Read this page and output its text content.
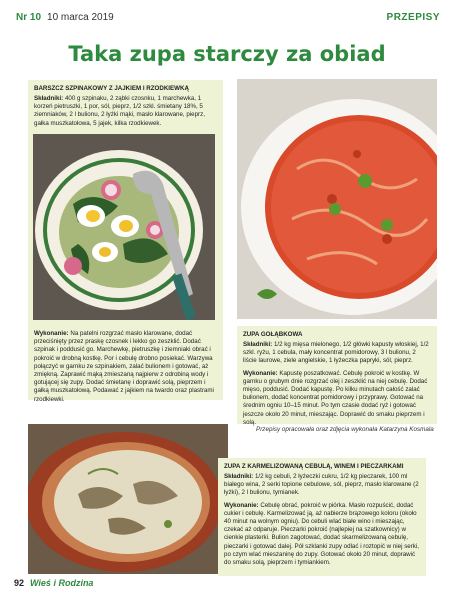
Nr 10 10 marca 2019	PRZEPISY
Taka zupa starczy za obiad
BARSZCZ SZPINAKOWY Z JAJKIEM I RZODKIEWKĄ

Składniki: 400 g szpinaku, 2 ząbki czosnku, 1 marchewka, 1 korzeń pietruszki, 1 por, sól, pieprz, 1/2 szkl. śmietany 18%, 5 ziemniaków, 2 l bulionu, 2 łyżki mąki, masło klarowane, pieprz, gałka muszkatołowa, 5 jajek, kilka rzodkiewek.

Wykonanie: Na patelni rozgrzać masło klarowane, dodać przeciśnięty przez praskę czosnek i lekko go zeszklić. Dodać szpinak i poddusić go. Marchewkę, pietruszkę i ziemniaki obrać i pokroić w drobną kostkę. Por i cebulę drobno posiekać. Warzywa połączyć w garnku ze szpinakiem, zalać bulionem i gotować, aż zmiękną. Zaprawić mąką zmieszaną najpierw z odrobiną wody i gotującej się zupy. Dodać śmietanę i doprawić solą, pieprzem i gałką muszkatołową. Podawać z jajkiem na twardo oraz plastrami rzodkiewki.

ZUPA GOŁĄBKOWA

Składniki: 1/2 kg mięsa mielonego, 1/2 główki kapusty włoskiej, 1/2 szkl. ryżu, 1 cebula, mały koncentrat pomidorowy, 3 l bulionu, 2 liście laurowe, ziele angielskie, 1 łyżeczka papryki, sól, pieprz.

Wykonanie: Kapustę poszatkować. Cebulę pokroić w kostkę. W garnku o grubym dnie rozgrzać olej i zeszklić na niej cebulę. Dodać mięso, poddusić. Dodać kapustę. Po kilku minutach całość zalać bulionem, dodać koncentrat pomidorowy i przyprawy. Gotować na średnim ogniu 10–15 minut. Po tym czasie dodać ryż i gotować jeszcze około 20 minut, mieszając. Doprawić do smaku pieprzem i solą.

Przepisy opracowała oraz zdjęcia wykonała Katarzyna Kosmala
ZUPA Z KARMELIZOWANĄ CEBULĄ, WINEM I PIECZARKAMI

Składniki: 1/2 kg cebuli, 2 łyżeczki cukru, 1/2 kg pieczarek, 100 ml białego wina, 2 serki topione cebulowe, sól, pieprz, masło klarowane (2 łyżki), 2 l bulionu, tymianek.

Wykonanie: Cebulę obrać, pokroić w piórka. Masło rozpuścić, dodać cukier i cebulę. Karmelizować ją, aż nabierze brązowego koloru (około 40 minut na wolnym ogniu). Do cebuli wlać białe wino i mieszając, czekać aż odparuje. Pieczarki pokroić (najlepiej na szatkownicy) w cienkie plasterki. Bulion zagotować, dodać skarmelizowaną cebulę, pieczarki i gotować dalej. Pół szklanki zupy odlać i roztopić w niej serki, po czym wlać mieszaninę do zupy. Gotować około 20 minut, doprawić do smaku solą, pieprzem i tymiankiem.

92 Wieś i Rodzina
